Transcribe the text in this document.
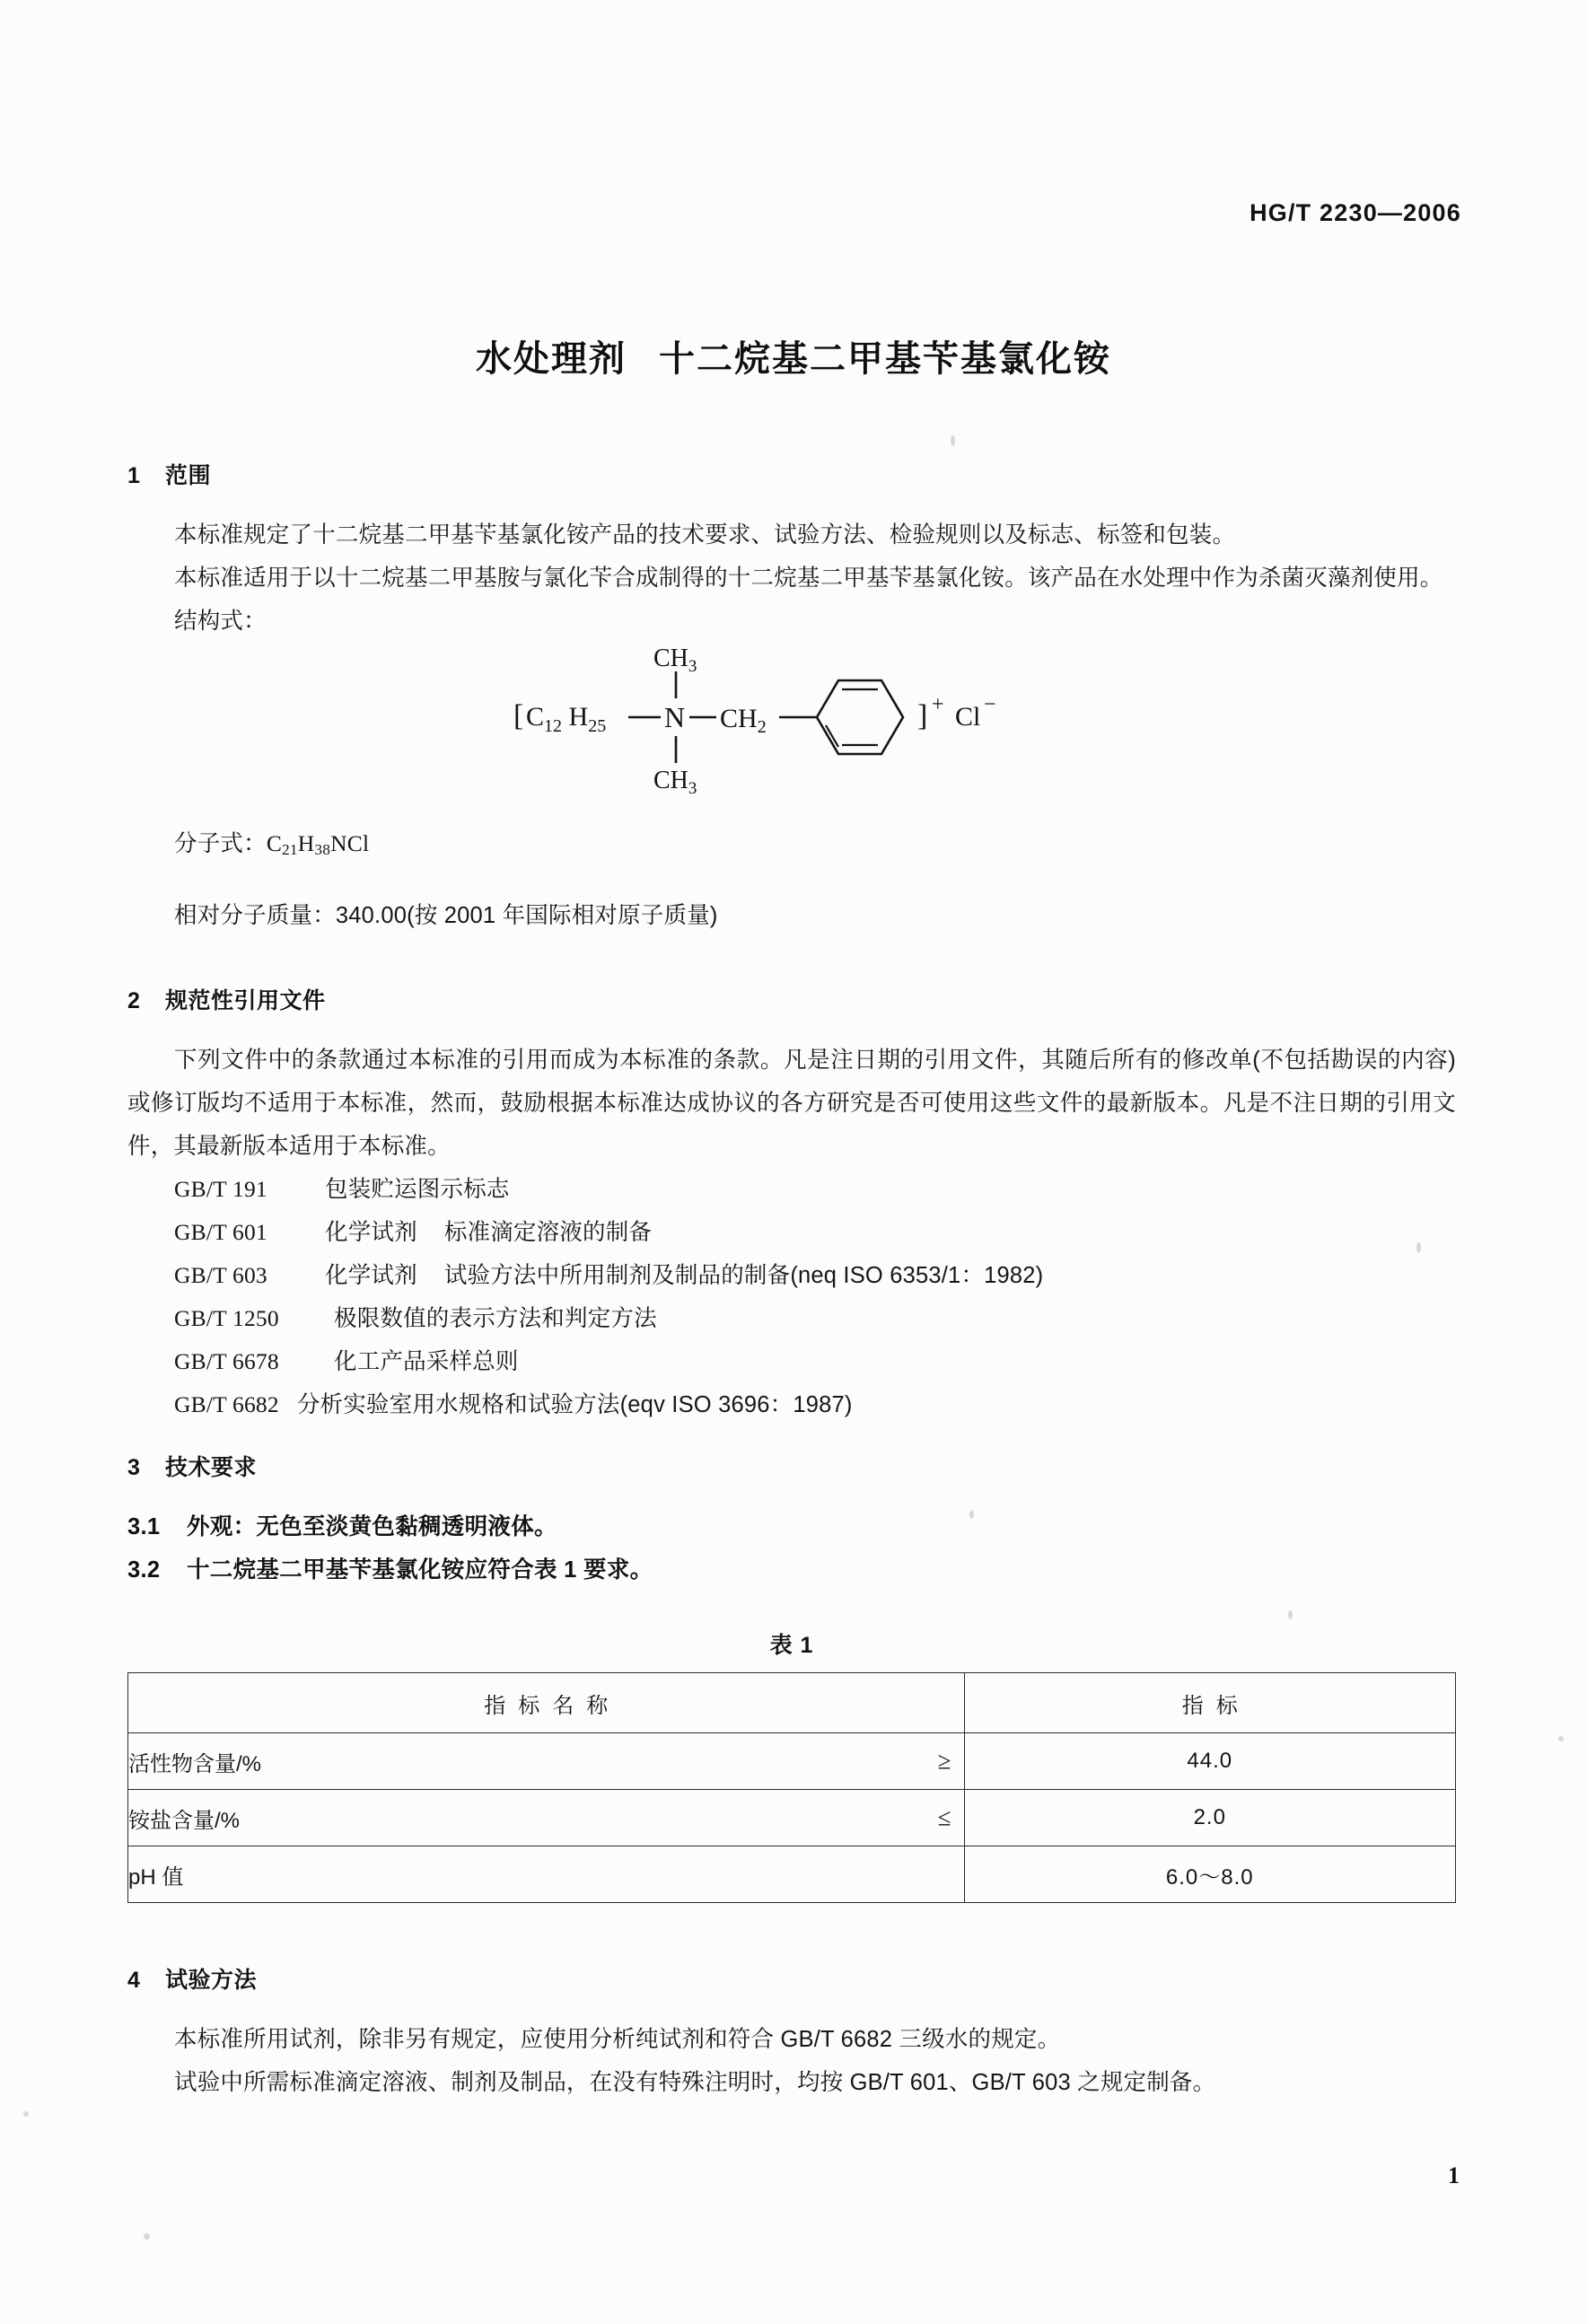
HG/T 2230—2006
水处理剂 十二烷基二甲基苄基氯化铵
1 范围

本标准规定了十二烷基二甲基苄基氯化铵产品的技术要求、试验方法、检验规则以及标志、标签和包装。

本标准适用于以十二烷基二甲基胺与氯化苄合成制得的十二烷基二甲基苄基氯化铵。该产品在水处理中作为杀菌灭藻剂使用。

结构式：

[ $C_{12}$ $H_{25}$ N
$CH_3$
$CH_3$
$CH_2$	] + Cl −

分子式：$C_{21}H_{38}NCl$

相对分子质量：340.00(按 2001 年国际相对原子质量)

2 规范性引用文件

下列文件中的条款通过本标准的引用而成为本标准的条款。凡是注日期的引用文件，其随后所有的修改单(不包括勘误的内容)或修订版均不适用于本标准，然而，鼓励根据本标准达成协议的各方研究是否可使用这些文件的最新版本。凡是不注日期的引用文件，其最新版本适用于本标准。

GB/T 191	包装贮运图示标志
GB/T 601	化学试剂 标准滴定溶液的制备
GB/T 603	化学试剂 试验方法中所用制剂及制品的制备(neq ISO 6353/1：1982)
GB/T 1250 极限数值的表示方法和判定方法
GB/T 6678 化工产品采样总则
GB/T 6682 分析实验室用水规格和试验方法(eqv ISO 3696：1987)
3 技术要求

3.1 外观：无色至淡黄色黏稠透明液体。

3.2 十二烷基二甲基苄基氯化铵应符合表 1 要求。

表 1
指标名称	指标
活性物含量/% ≥	44.0
铵盐含量/% ≤	2.0
pH 值	6.0～8.0
4 试验方法

本标准所用试剂，除非另有规定，应使用分析纯试剂和符合 GB/T 6682 三级水的规定。

试验中所需标准滴定溶液、制剂及制品，在没有特殊注明时，均按 GB/T 601、GB/T 603 之规定制备。

1
